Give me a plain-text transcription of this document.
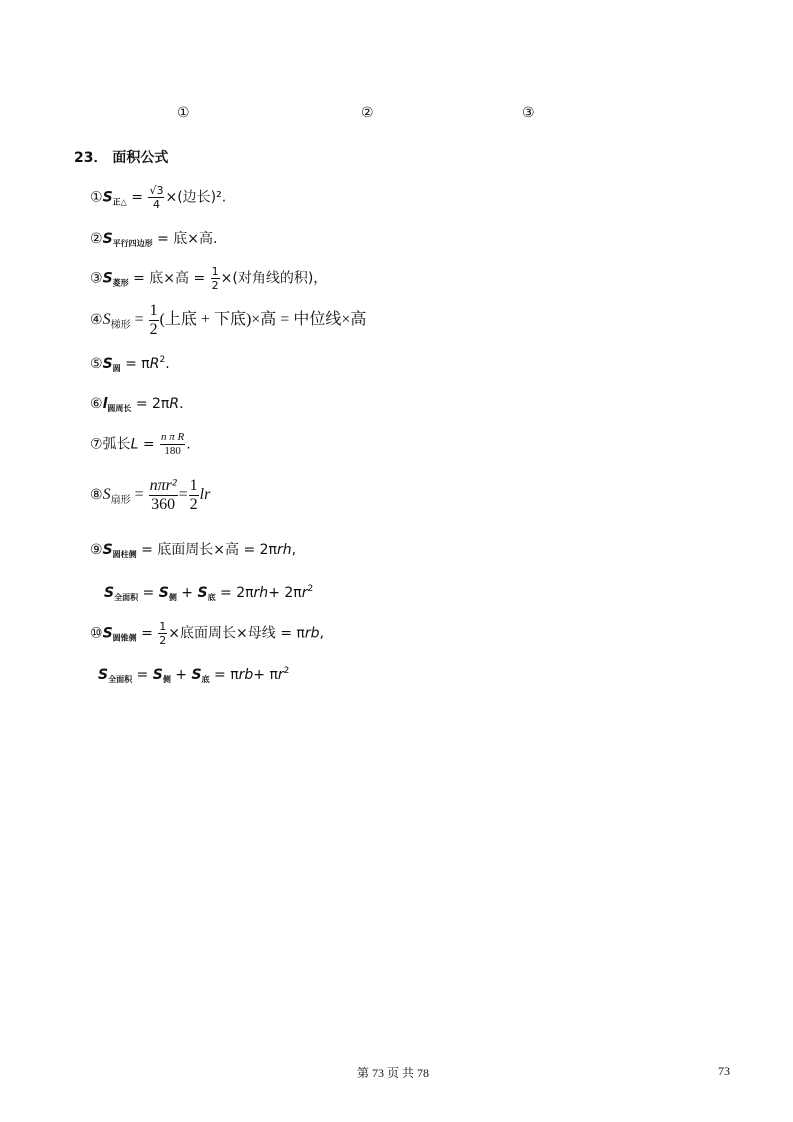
①	②	③
23． 面积公式
$①S_{正\triangle} = \frac{√3}{4}$ ×(边长)².
$②S_{平行四边形}$ = 底×高.
$③S_{菱形}$ = 底×高 = $\frac{1}{2}$ ×(对角线的积)，
$④S_{梯形} = \frac{1}{2}$ (上底 + 下底)×高 = 中位线×高
$⑤S_圆 = \pi R^2$.
$⑥l_{圆周长} = 2\pi R$.
⑦弧长$L = \frac{\text{n π R}}{180}$ .
$⑧S_{扇形} = \frac{\text{nπr²}}{360} = \frac{1}{2}$ lr
$⑨S_{圆柱侧}$ = 底面周长×高 = 2πrh,
$S_{全面积} = S_侧 + S_底 = 2\pi rh+ 2\pi r^2$
$⑩S_{圆锥侧} = \frac{1}{2}$ ×底面周长×母线 = πrb,
$S_{全面积} = S_侧 + S_底 = \pi rb+ \pi r^2$
第 73 页 共 78	73
